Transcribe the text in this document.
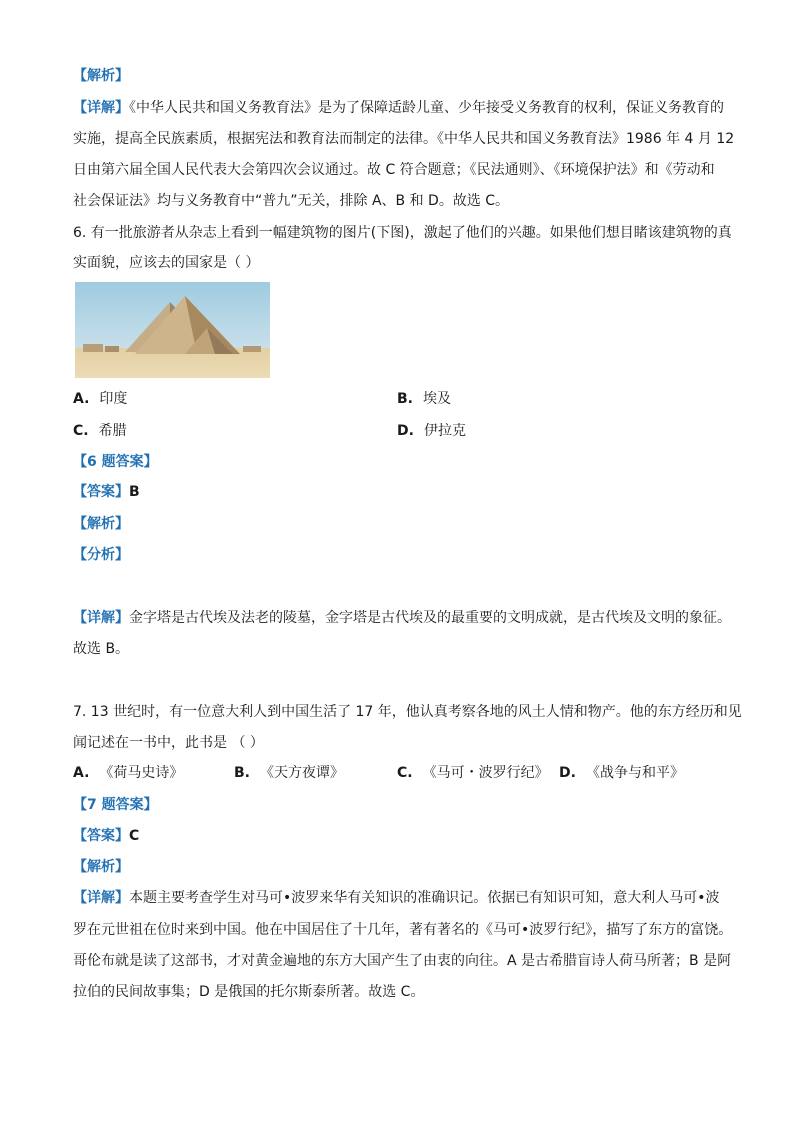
【解析】
【详解】《中华人民共和国义务教育法》是为了保障适龄儿童、少年接受义务教育的权利，保证义务教育的
实施，提高全民族素质，根据宪法和教育法而制定的法律。《中华人民共和国义务教育法》1986 年 4 月 12
日由第六届全国人民代表大会第四次会议通过。故 C 符合题意；《民法通则》、《环境保护法》和《劳动和
社会保证法》均与义务教育中“普九”无关，排除 A、B 和 D。故选 C。
6. 有一批旅游者从杂志上看到一幅建筑物的图片(下图)，激起了他们的兴趣。如果他们想目睹该建筑物的真
实面貌，应该去的国家是（ ）
A. 印度	B. 埃及
C. 希腊	D. 伊拉克
【6 题答案】
【答案】B
【解析】
【分析】
【详解】金字塔是古代埃及法老的陵墓，金字塔是古代埃及的最重要的文明成就，是古代埃及文明的象征。
故选 B。
7. 13 世纪时，有一位意大利人到中国生活了 17 年，他认真考察各地的风土人情和物产。他的东方经历和见
闻记述在一书中，此书是 （ ）
A. 《荷马史诗》	B. 《天方夜谭》	C. 《马可・波罗行纪》 D. 《战争与和平》
【7 题答案】
【答案】C
【解析】
【详解】本题主要考查学生对马可•波罗来华有关知识的准确识记。依据已有知识可知，意大利人马可•波
罗在元世祖在位时来到中国。他在中国居住了十几年，著有著名的《马可•波罗行纪》，描写了东方的富饶。
哥伦布就是读了这部书，才对黄金遍地的东方大国产生了由衷的向往。A 是古希腊盲诗人荷马所著；B 是阿
拉伯的民间故事集；D 是俄国的托尔斯泰所著。故选 C。
